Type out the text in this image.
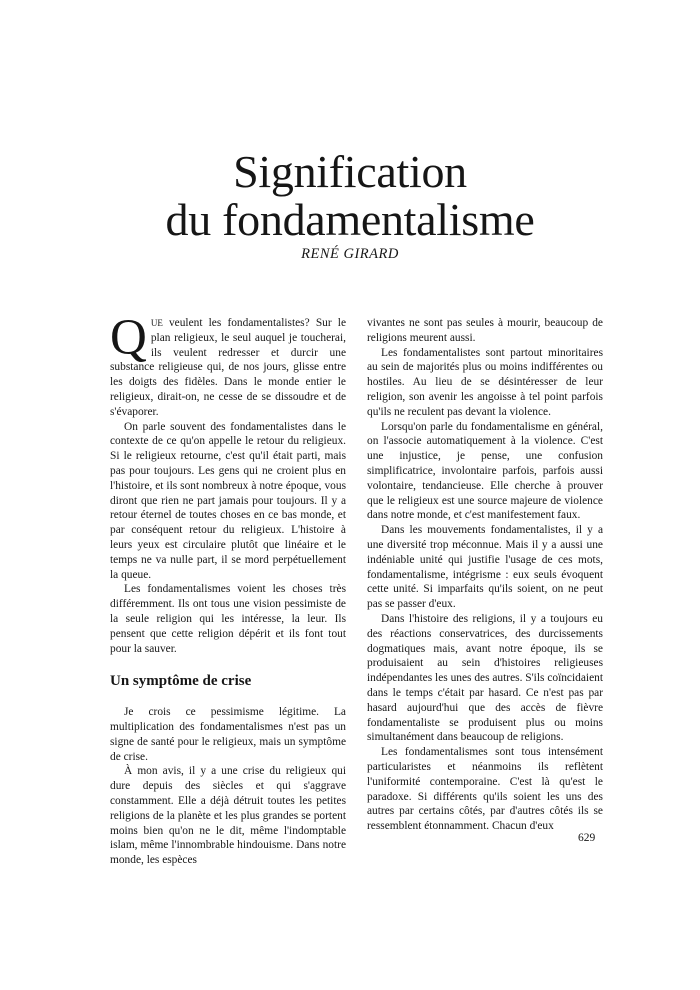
Signification
du fondamentalisme
RENÉ GIRARD

QUE veulent les fondamentalistes? Sur le plan religieux, le seul auquel je toucherai, ils veulent redresser et durcir une substance religieuse qui, de nos jours, glisse entre les doigts des fidèles. Dans le monde entier le religieux, dirait-on, ne cesse de se dissoudre et de s'évaporer.

On parle souvent des fondamentalistes dans le contexte de ce qu'on appelle le retour du religieux. Si le religieux retourne, c'est qu'il était parti, mais pas pour toujours. Les gens qui ne croient plus en l'histoire, et ils sont nombreux à notre époque, vous diront que rien ne part jamais pour toujours. Il y a retour éternel de toutes choses en ce bas monde, et par conséquent retour du religieux. L'histoire à leurs yeux est circulaire plutôt que linéaire et le temps ne va nulle part, il se mord perpétuellement la queue.

Les fondamentalismes voient les choses très différemment. Ils ont tous une vision pessimiste de la seule religion qui les intéresse, la leur. Ils pensent que cette religion dépérit et ils font tout pour la sauver.

Un symptôme de crise

Je crois ce pessimisme légitime. La multiplication des fondamentalismes n'est pas un signe de santé pour le religieux, mais un symptôme de crise.

À mon avis, il y a une crise du religieux qui dure depuis des siècles et qui s'aggrave constamment. Elle a déjà détruit toutes les petites religions de la planète et les plus grandes se portent moins bien qu'on ne le dit, même l'indomptable islam, même l'innombrable hindouisme. Dans notre monde, les espèces

vivantes ne sont pas seules à mourir, beaucoup de religions meurent aussi.

Les fondamentalistes sont partout minoritaires au sein de majorités plus ou moins indifférentes ou hostiles. Au lieu de se désintéresser de leur religion, son avenir les angoisse à tel point parfois qu'ils ne reculent pas devant la violence.

Lorsqu'on parle du fondamentalisme en général, on l'associe automatiquement à la violence. C'est une injustice, je pense, une confusion simplificatrice, involontaire parfois, parfois aussi volontaire, tendancieuse. Elle cherche à prouver que le religieux est une source majeure de violence dans notre monde, et c'est manifestement faux.

Dans les mouvements fondamentalistes, il y a une diversité trop méconnue. Mais il y a aussi une indéniable unité qui justifie l'usage de ces mots, fondamentalisme, intégrisme : eux seuls évoquent cette unité. Si imparfaits qu'ils soient, on ne peut pas se passer d'eux.

Dans l'histoire des religions, il y a toujours eu des réactions conservatrices, des durcissements dogmatiques mais, avant notre époque, ils se produisaient au sein d'histoires religieuses indépendantes les unes des autres. S'ils coïncidaient dans le temps c'était par hasard. Ce n'est pas par hasard aujourd'hui que des accès de fièvre fondamentaliste se produisent plus ou moins simultanément dans beaucoup de religions.

Les fondamentalismes sont tous intensément particularistes et néanmoins ils reflètent l'uniformité contemporaine. C'est là qu'est le paradoxe. Si différents qu'ils soient les uns des autres par certains côtés, par d'autres côtés ils se ressemblent étonnamment. Chacun d'eux

629
